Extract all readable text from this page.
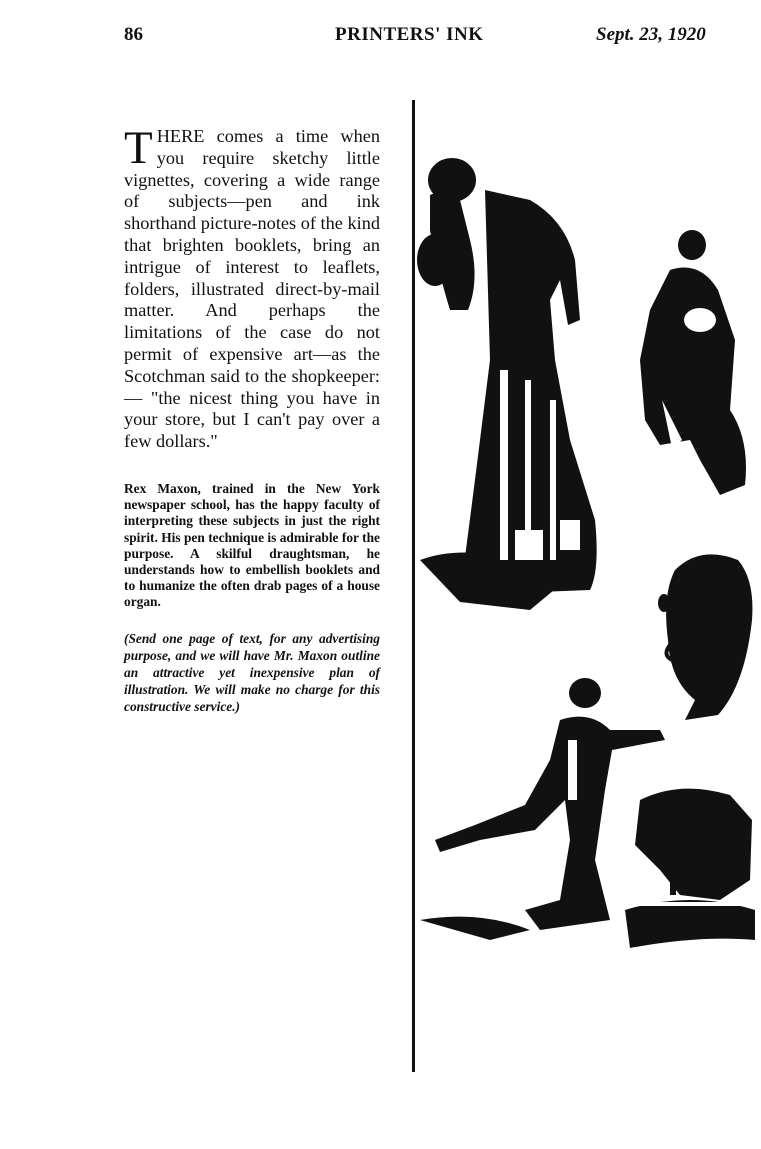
86	PRINTERS' INK	Sept. 23, 1920

THERE comes a time when you require sketchy little vignettes, covering a wide range of subjects—pen and ink shorthand picture-notes of the kind that brighten booklets, bring an intrigue of interest to leaflets, folders, illustrated direct-by-mail matter. And perhaps the limitations of the case do not permit of expensive art—as the Scotchman said to the shopkeeper:— "the nicest thing you have in your store, but I can't pay over a few dollars."

Rex Maxon, trained in the New York newspaper school, has the happy faculty of interpreting these subjects in just the right spirit. His pen technique is admirable for the purpose. A skilful draughtsman, he understands how to embellish booklets and to humanize the often drab pages of a house organ.

(Send one page of text, for any advertising purpose, and we will have Mr. Maxon outline an attractive yet inexpensive plan of illustration. We will make no charge for this constructive service.)
